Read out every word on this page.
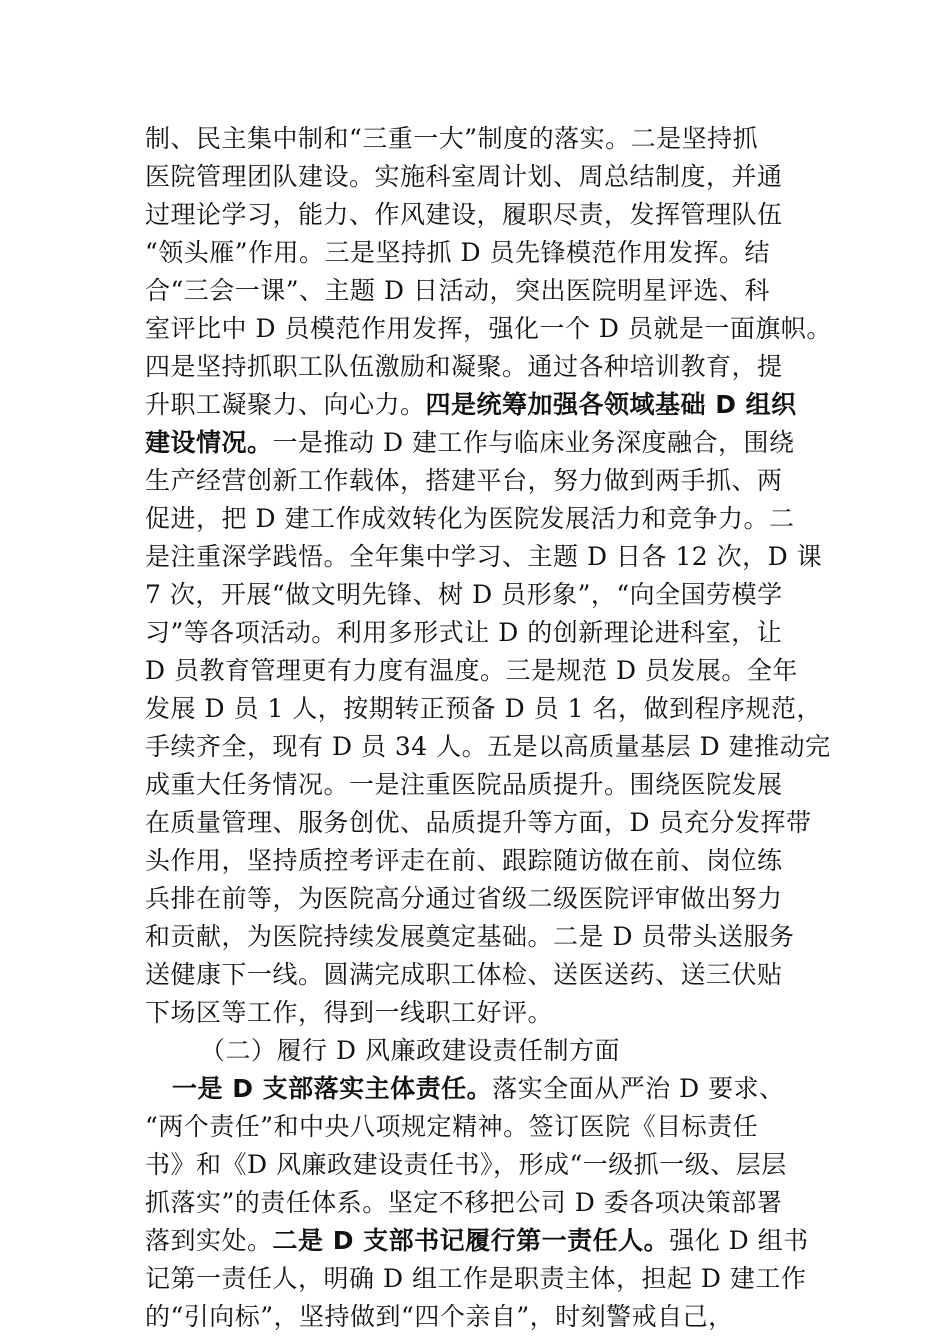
制、民主集中制和“三重一大”制度的落实。二是坚持抓
医院管理团队建设。实施科室周计划、周总结制度，并通
过理论学习，能力、作风建设，履职尽责，发挥管理队伍
“领头雁”作用。三是坚持抓 D 员先锋模范作用发挥。结
合“三会一课”、主题 D 日活动，突出医院明星评选、科
室评比中 D 员模范作用发挥，强化一个 D 员就是一面旗帜。
四是坚持抓职工队伍激励和凝聚。通过各种培训教育，提
升职工凝聚力、向心力。四是统筹加强各领域基础 D 组织
建设情况。一是推动 D 建工作与临床业务深度融合，围绕
生产经营创新工作载体，搭建平台，努力做到两手抓、两
促进，把 D 建工作成效转化为医院发展活力和竞争力。二
是注重深学践悟。全年集中学习、主题 D 日各 12 次，D 课
7 次，开展“做文明先锋、树 D 员形象”，“向全国劳模学
习”等各项活动。利用多形式让 D 的创新理论进科室，让
D 员教育管理更有力度有温度。三是规范 D 员发展。全年
发展 D 员 1 人，按期转正预备 D 员 1 名，做到程序规范，
手续齐全，现有 D 员 34 人。五是以高质量基层 D 建推动完
成重大任务情况。一是注重医院品质提升。围绕医院发展
在质量管理、服务创优、品质提升等方面，D 员充分发挥带
头作用，坚持质控考评走在前、跟踪随访做在前、岗位练
兵排在前等，为医院高分通过省级二级医院评审做出努力
和贡献，为医院持续发展奠定基础。二是 D 员带头送服务
送健康下一线。圆满完成职工体检、送医送药、送三伏贴
下场区等工作，得到一线职工好评。
（二）履行 D 风廉政建设责任制方面
一是 D 支部落实主体责任。落实全面从严治 D 要求、
“两个责任”和中央八项规定精神。签订医院《目标责任
书》和《D 风廉政建设责任书》，形成“一级抓一级、层层
抓落实”的责任体系。坚定不移把公司 D 委各项决策部署
落到实处。二是 D 支部书记履行第一责任人。强化 D 组书
记第一责任人，明确 D 组工作是职责主体，担起 D 建工作
的“引向标”，坚持做到“四个亲自”，时刻警戒自己，
